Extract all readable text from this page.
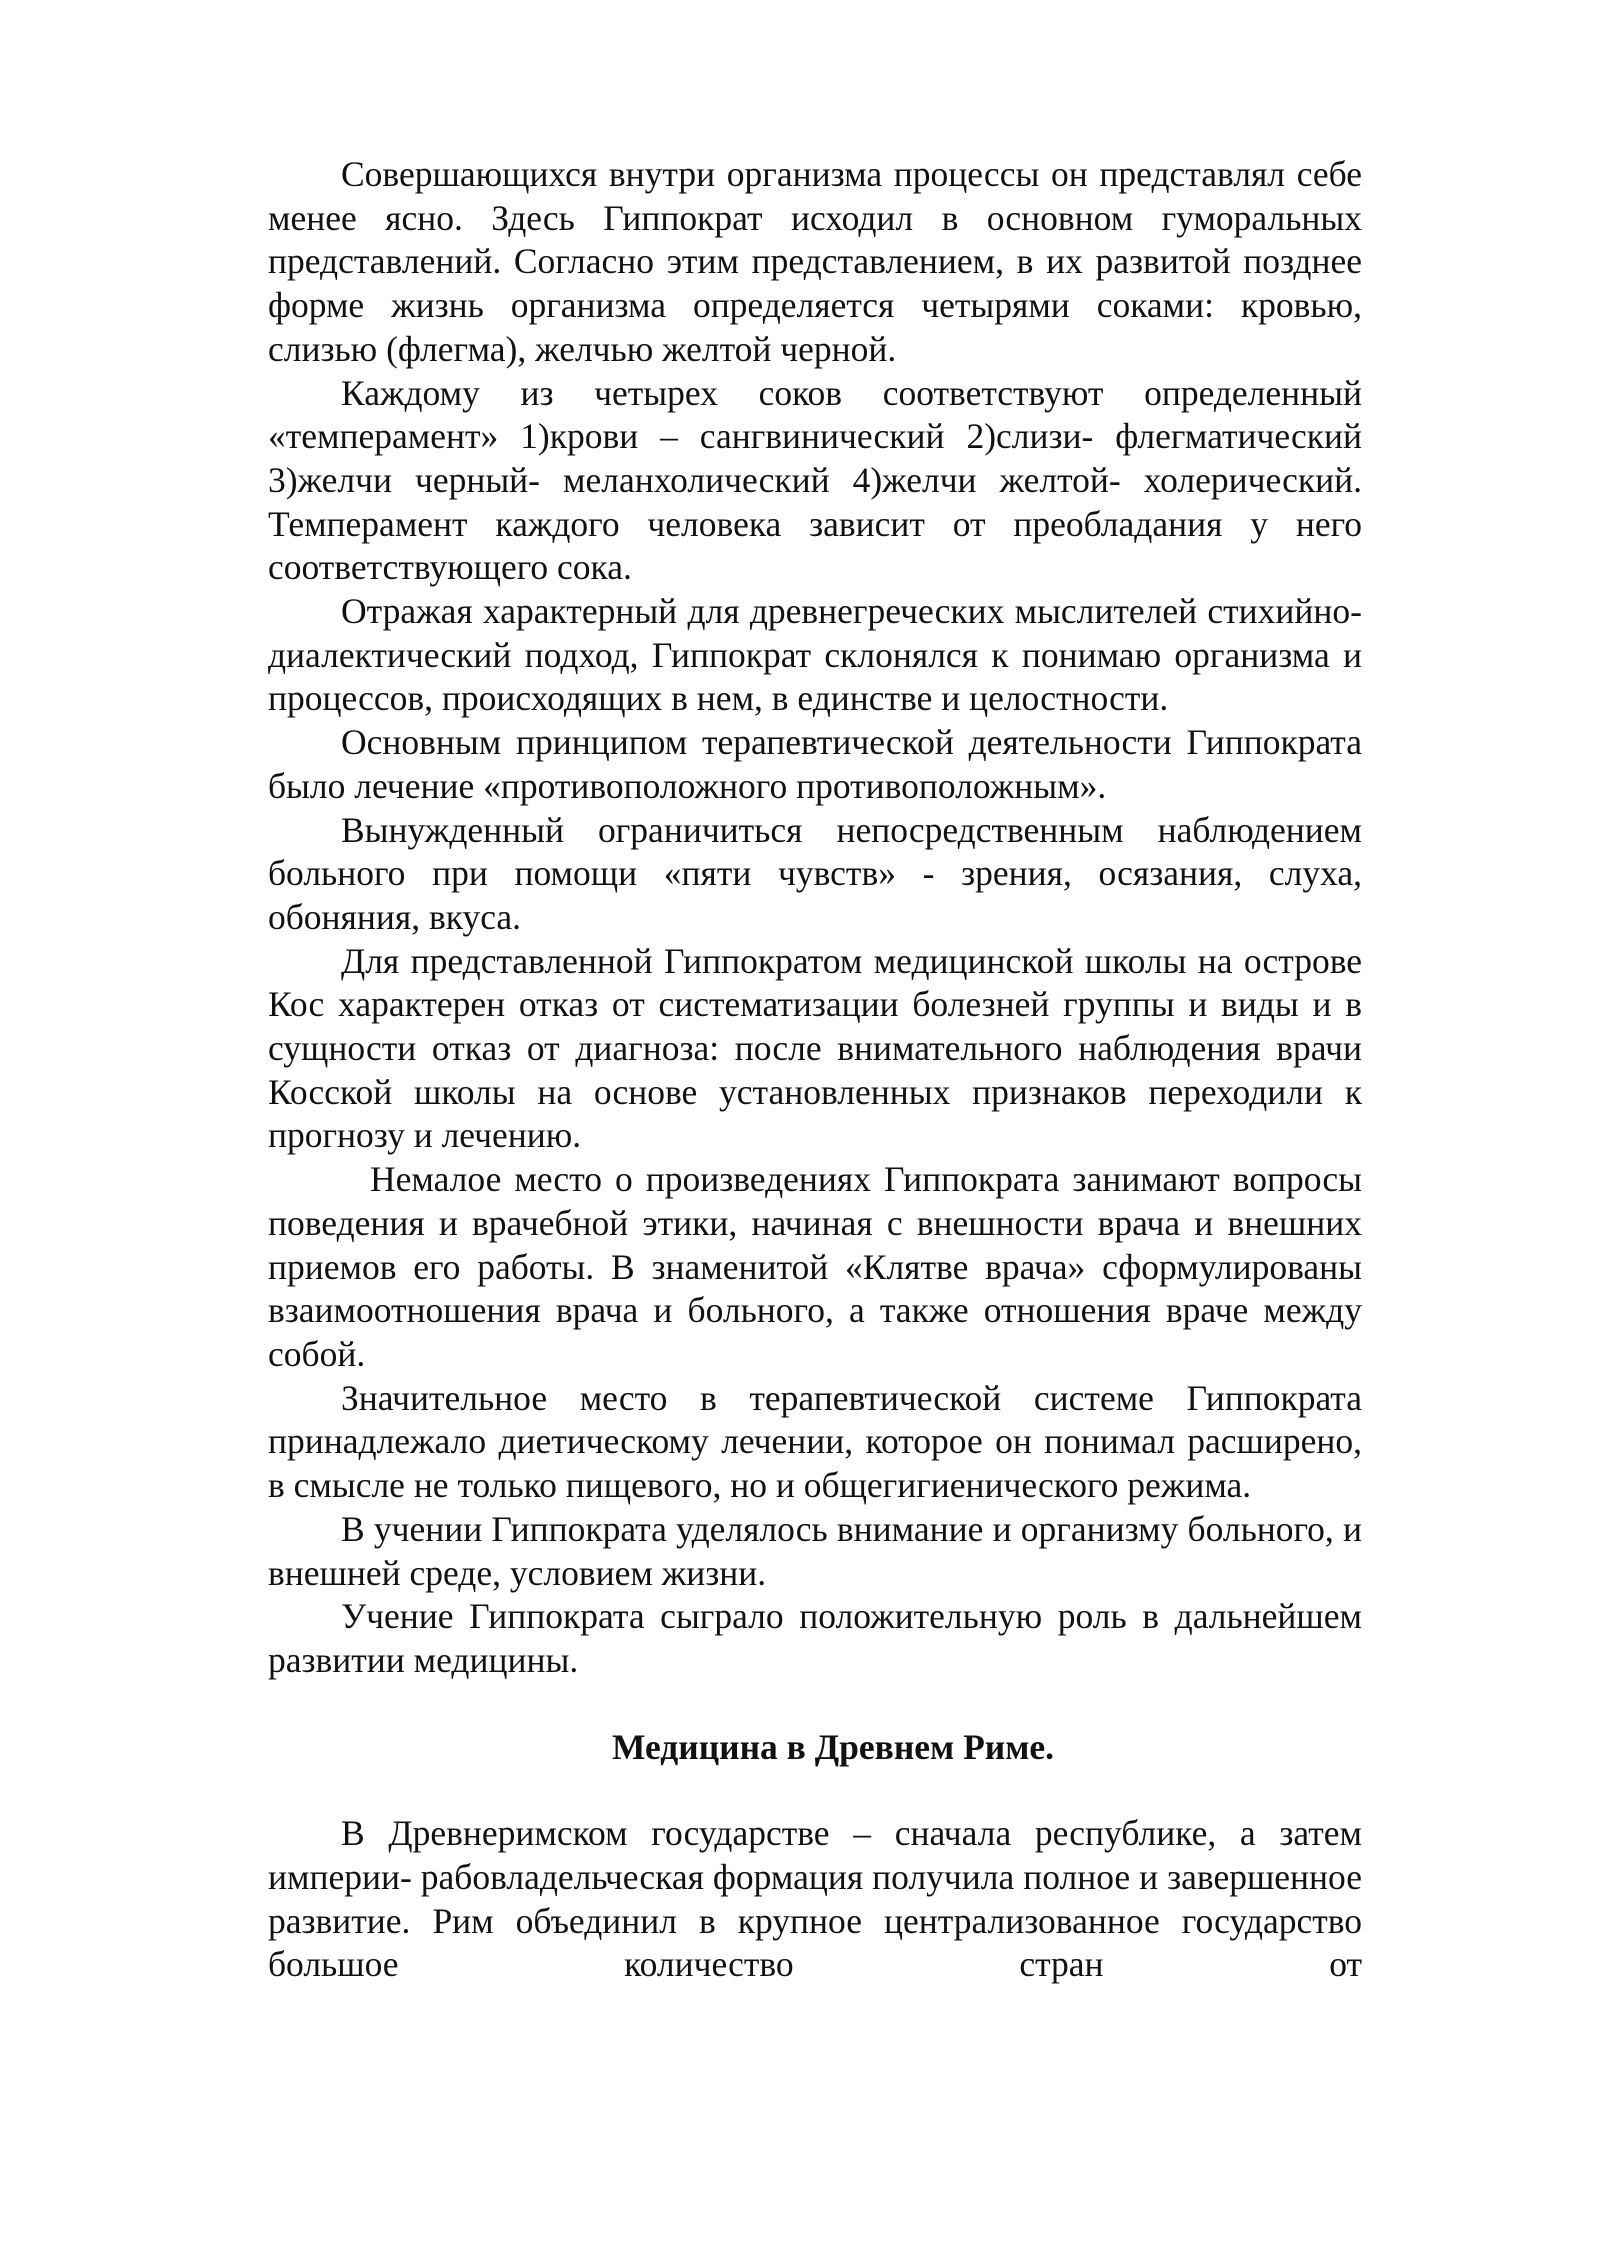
Совершающихся внутри организма процессы он представлял себе менее ясно. Здесь Гиппократ исходил в основном гуморальных представлений. Согласно этим представлением, в их развитой позднее форме жизнь организма определяется четырями соками: кровью, слизью (флегма), желчью желтой черной.

Каждому из четырех соков соответствуют определенный «темперамент» 1)крови – сангвинический 2)слизи- флегматический 3)желчи черный- меланхолический 4)желчи желтой- холерический. Темперамент каждого человека зависит от преобладания у него соответствующего сока.

Отражая характерный для древнегреческих мыслителей стихийно-диалектический подход, Гиппократ склонялся к понимаю организма и процессов, происходящих в нем, в единстве и целостности.

Основным принципом терапевтической деятельности Гиппократа было лечение «противоположного противоположным».

Вынужденный ограничиться непосредственным наблюдением больного при помощи «пяти чувств» - зрения, осязания, слуха, обоняния, вкуса.

Для представленной Гиппократом медицинской школы на острове Кос характерен отказ от систематизации болезней группы и виды и в сущности отказ от диагноза: после внимательного наблюдения врачи Косской школы на основе установленных признаков переходили к прогнозу и лечению.

Немалое место о произведениях Гиппократа занимают вопросы поведения и врачебной этики, начиная с внешности врача и внешних приемов его работы. В знаменитой «Клятве врача» сформулированы взаимоотношения врача и больного, а также отношения враче между собой.

Значительное место в терапевтической системе Гиппократа принадлежало диетическому лечении, которое он понимал расширено, в смысле не только пищевого, но и общегигиенического режима.

В учении Гиппократа уделялось внимание и организму больного, и внешней среде, условием жизни.

Учение Гиппократа сыграло положительную роль в дальнейшем развитии медицины.

Медицина в Древнем Риме.

В Древнеримском государстве – сначала республике, а затем империи- рабовладельческая формация получила полное и завершенное развитие. Рим объединил в крупное централизованное государство большое количество стран от
